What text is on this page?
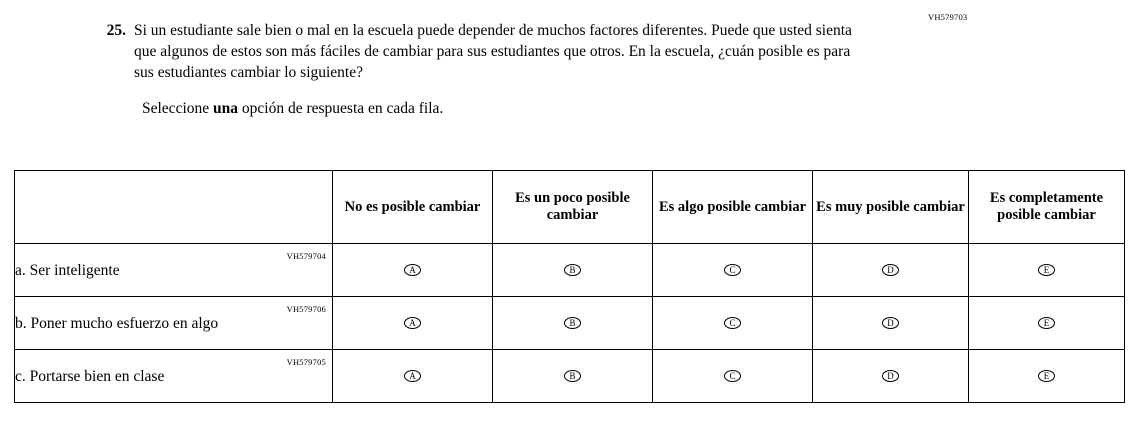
VH579703
25. Si un estudiante sale bien o mal en la escuela puede depender de muchos factores diferentes. Puede que usted sienta que algunos de estos son más fáciles de cambiar para sus estudiantes que otros. En la escuela, ¿cuán posible es para sus estudiantes cambiar lo siguiente?
Seleccione una opción de respuesta en cada fila.
	No es posible cambiar	Es un poco posible cambiar	Es algo posible cambiar	Es muy posible cambiar	Es completamente posible cambiar

VH579704
a. Ser inteligente	A	B	C	D	E

VH579706
b. Poner mucho esfuerzo en algo	A	B	C	D	E

VH579705
c. Portarse bien en clase	A	B	C	D	E
